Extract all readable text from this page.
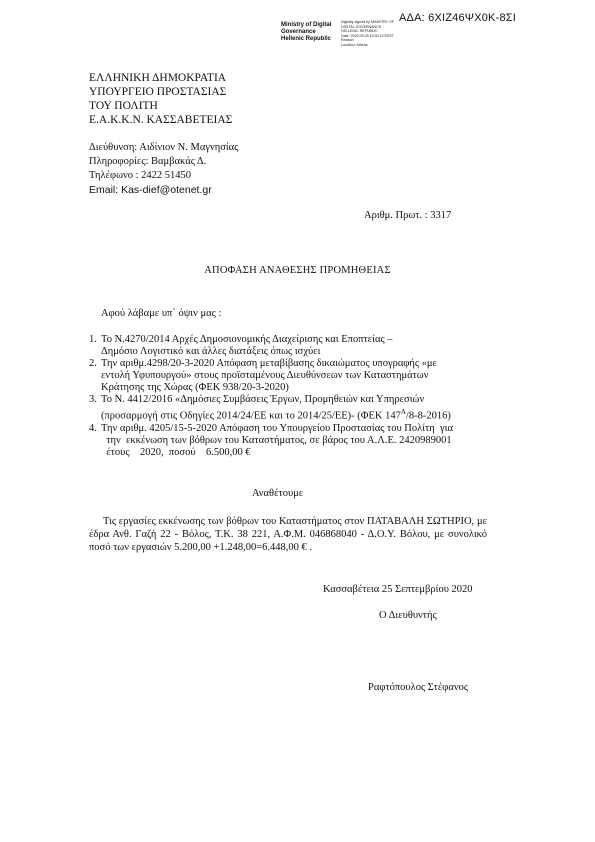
ΑΔΑ: 6ΧΙΖ46ΨΧ0Κ-8ΣΙ
Ministry of Digital
Governance
Hellenic Republic
Digitally signed by MINISTRY OF
DIGITAL GOVERNANCE
HELLENIC REPUBLIC
Date: 2020.09.25 15:30:14 EEST
Reason:
Location: Athens
ΕΛΛΗΝΙΚΗ ΔΗΜΟΚΡΑΤΙΑ
ΥΠΟΥΡΓΕΙΟ ΠΡΟΣΤΑΣΙΑΣ
ΤΟΥ ΠΟΛΙΤΗ
Ε.Α.Κ.Κ.Ν. ΚΑΣΣΑΒΕΤΕΙΑΣ
Διεύθυνση: Αιδίνιον Ν. Μαγνησίας
Πληροφορίες: Βαμβακάς Δ.
Τηλέφωνο : 2422 51450
Email: Kas-dief@otenet.gr
Αριθμ. Πρωτ. : 3317
ΑΠΟΦΑΣΗ ΑΝΑΘΕΣΗΣ ΠΡΟΜΗΘΕΙΑΣ
Αφού λάβαμε υπ΄ όψιν μας :
1. Το Ν.4270/2014 Αρχές Δημοσιονομικής Διαχείρισης και Εποπτείας –
Δημόσιο Λογιστικό και άλλες διατάξεις όπως ισχύει
2. Την αριθμ.4298/20-3-2020 Απόφαση μεταβίβασης δικαιώματος υπογραφής «με
εντολή Υφυπουργού» στους προϊσταμένους Διευθύνσεων των Καταστημάτων
Κράτησης της Χώρας (ΦΕΚ 938/20-3-2020)
3. Το Ν. 4412/2016 «Δημόσιες Συμβάσεις Έργων, Προμηθειών και Υπηρεσιών
(προσαρμογή στις Οδηγίες 2014/24/ΕΕ και το 2014/25/ΕΕ)- (ΦΕΚ $147^A/8-8-2016$)
4. Την αριθμ. 4205/15-5-2020 Απόφαση του Υπουργείου Προστασίας του Πολίτη  για
την  εκκένωση των βόθρων του Καταστήματος, σε βάρος του Α.Λ.Ε. 2420989001
έτους    2020,  ποσού    6.500,00 €
Αναθέτουμε
Τις εργασίες εκκένωσης των βόθρων του Καταστήματος στον ΠΑΤΑΒΑΛΗ ΣΩΤΗΡΙΟ, με έδρα Ανθ. Γαζή 22 - Βόλος, Τ.Κ. 38 221, Α.Φ.Μ. 046868040 - Δ.Ο.Υ. Βόλου, με συνολικό ποσό των εργασιών 5.200,00 +1.248,00=6.448,00 € .
Κασσαβέτεια 25 Σεπτεμβρίου 2020
Ο Διευθυντής
Ραφτόπουλος Στέφανος
